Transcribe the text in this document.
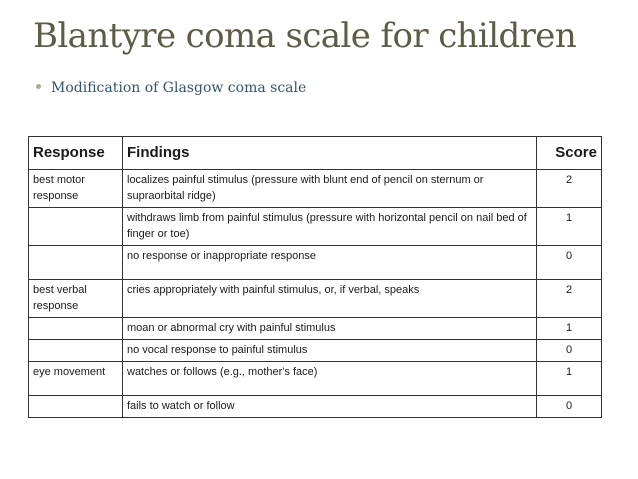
Blantyre coma scale for children
Modification of Glasgow coma scale
Response	Findings	Score
best motor response	localizes painful stimulus (pressure with blunt end of pencil on sternum or supraorbital ridge)	2
	withdraws limb from painful stimulus (pressure with horizontal pencil on nail bed of finger or toe)	1
	no response or inappropriate response	0
best verbal response	cries appropriately with painful stimulus, or, if verbal, speaks	2
	moan or abnormal cry with painful stimulus	1
	no vocal response to painful stimulus	0
eye movement	watches or follows (e.g., mother's face)	1
	fails to watch or follow	0
